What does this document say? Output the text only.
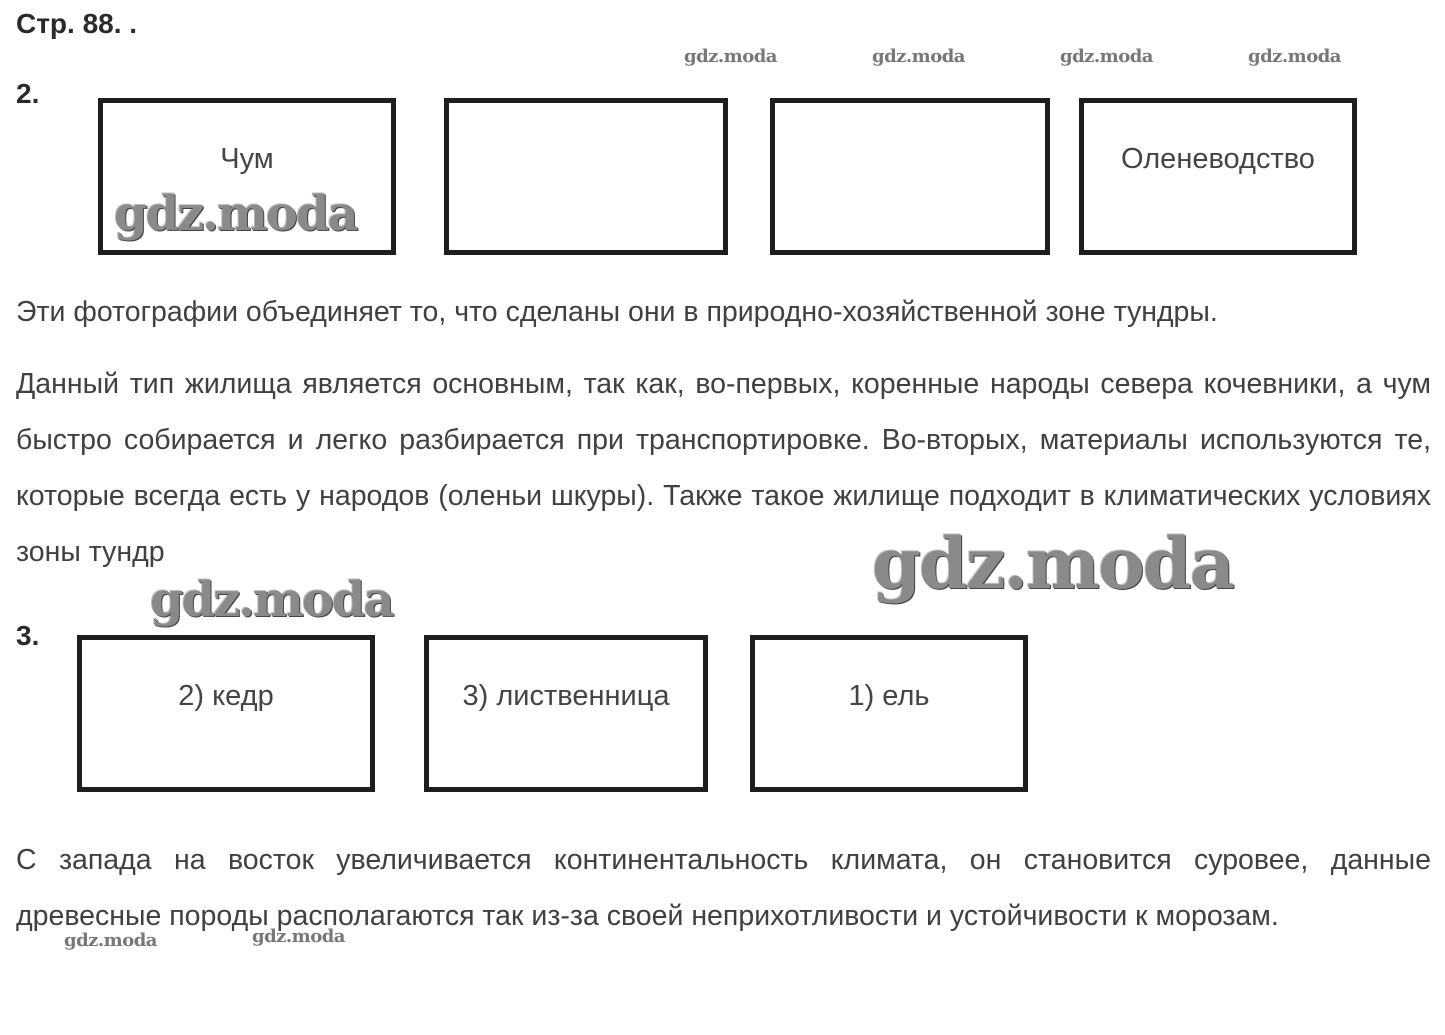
Стр. 88. .
gdz.moda	gdz.moda	gdz.moda	gdz.moda
2.
Чум	Оленеводство
gdz.moda
Эти фотографии объединяет то, что сделаны они в природно-хозяйственной зоне тундры.
Данный тип жилища является основным, так как, во-первых, коренные народы севера кочевники, а чум быстро собирается и легко разбирается при транспортировке. Во-вторых, материалы используются те, которые всегда есть у народов (оленьи шкуры). Также такое жилище подходит в климатических условиях зоны тундр	gdz.moda
gdz.moda
3.
2) кедр	3) лиственница	1) ель
С запада на восток увеличивается континентальность климата, он становится суровее, данные древесные породы располагаются так из-за своей неприхотливости и устойчивости к морозам.
gdz.moda	gdz.moda
